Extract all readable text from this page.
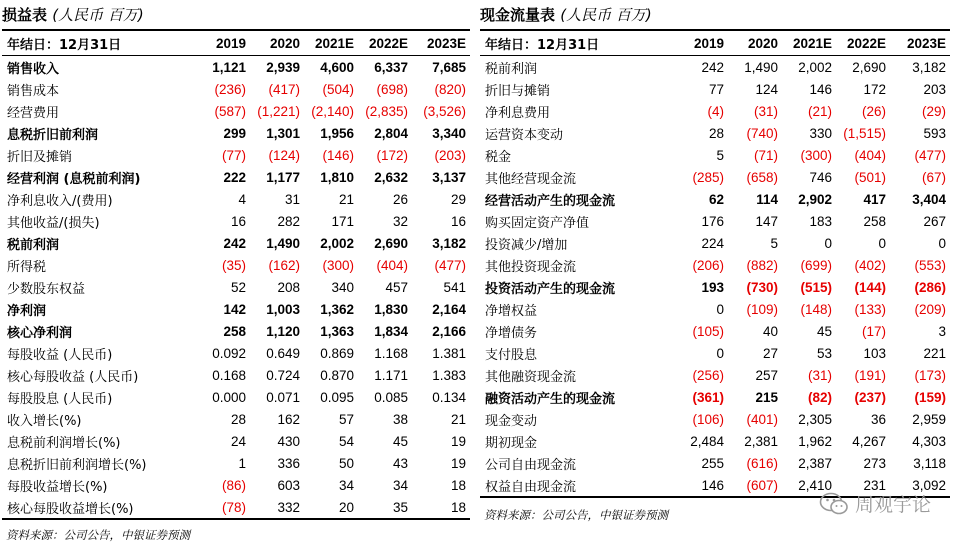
损益表 (人民币 百万)
年结日：12月31日	2019	2020	2021E	2022E	2023E
销售收入	1,121	2,939	4,600	6,337	7,685
销售成本	(236)	(417)	(504)	(698)	(820)
经营费用	(587)	(1,221)	(2,140)	(2,835)	(3,526)
息税折旧前利润	299	1,301	1,956	2,804	3,340
折旧及摊销	(77)	(124)	(146)	(172)	(203)
经营利润 (息税前利润)	222	1,177	1,810	2,632	3,137
净利息收入/(费用)	4	31	21	26	29
其他收益/(损失)	16	282	171	32	16
税前利润	242	1,490	2,002	2,690	3,182
所得税	(35)	(162)	(300)	(404)	(477)
少数股东权益	52	208	340	457	541
净利润	142	1,003	1,362	1,830	2,164
核心净利润	258	1,120	1,363	1,834	2,166
每股收益 (人民币)	0.092	0.649	0.869	1.168	1.381
核心每股收益 (人民币)	0.168	0.724	0.870	1.171	1.383
每股股息 (人民币)	0.000	0.071	0.095	0.085	0.134
收入增长(%)	28	162	57	38	21
息税前利润增长(%)	24	430	54	45	19
息税折旧前利润增长(%)	1	336	50	43	19
每股收益增长(%)	(86)	603	34	34	18
核心每股收益增长(%)	(78)	332	20	35	18
资料来源：公司公告，中银证券预测
现金流量表 (人民币 百万)
年结日：12月31日	2019	2020	2021E	2022E	2023E
税前利润	242	1,490	2,002	2,690	3,182
折旧与摊销	77	124	146	172	203
净利息费用	(4)	(31)	(21)	(26)	(29)
运营资本变动	28	(740)	330	(1,515)	593
税金	5	(71)	(300)	(404)	(477)
其他经营现金流	(285)	(658)	746	(501)	(67)
经营活动产生的现金流	62	114	2,902	417	3,404
购买固定资产净值	176	147	183	258	267
投资减少/增加	224	5	0	0	0
其他投资现金流	(206)	(882)	(699)	(402)	(553)
投资活动产生的现金流	193	(730)	(515)	(144)	(286)
净增权益	0	(109)	(148)	(133)	(209)
净增债务	(105)	40	45	(17)	3
支付股息	0	27	53	103	221
其他融资现金流	(256)	257	(31)	(191)	(173)
融资活动产生的现金流	(361)	215	(82)	(237)	(159)
现金变动	(106)	(401)	2,305	36	2,959
期初现金	2,484	2,381	1,962	4,267	4,303
公司自由现金流	255	(616)	2,387	273	3,118
权益自由现金流	146	(607)	2,410	231	3,092
资料来源：公司公告，中银证券预测	周观宇论
